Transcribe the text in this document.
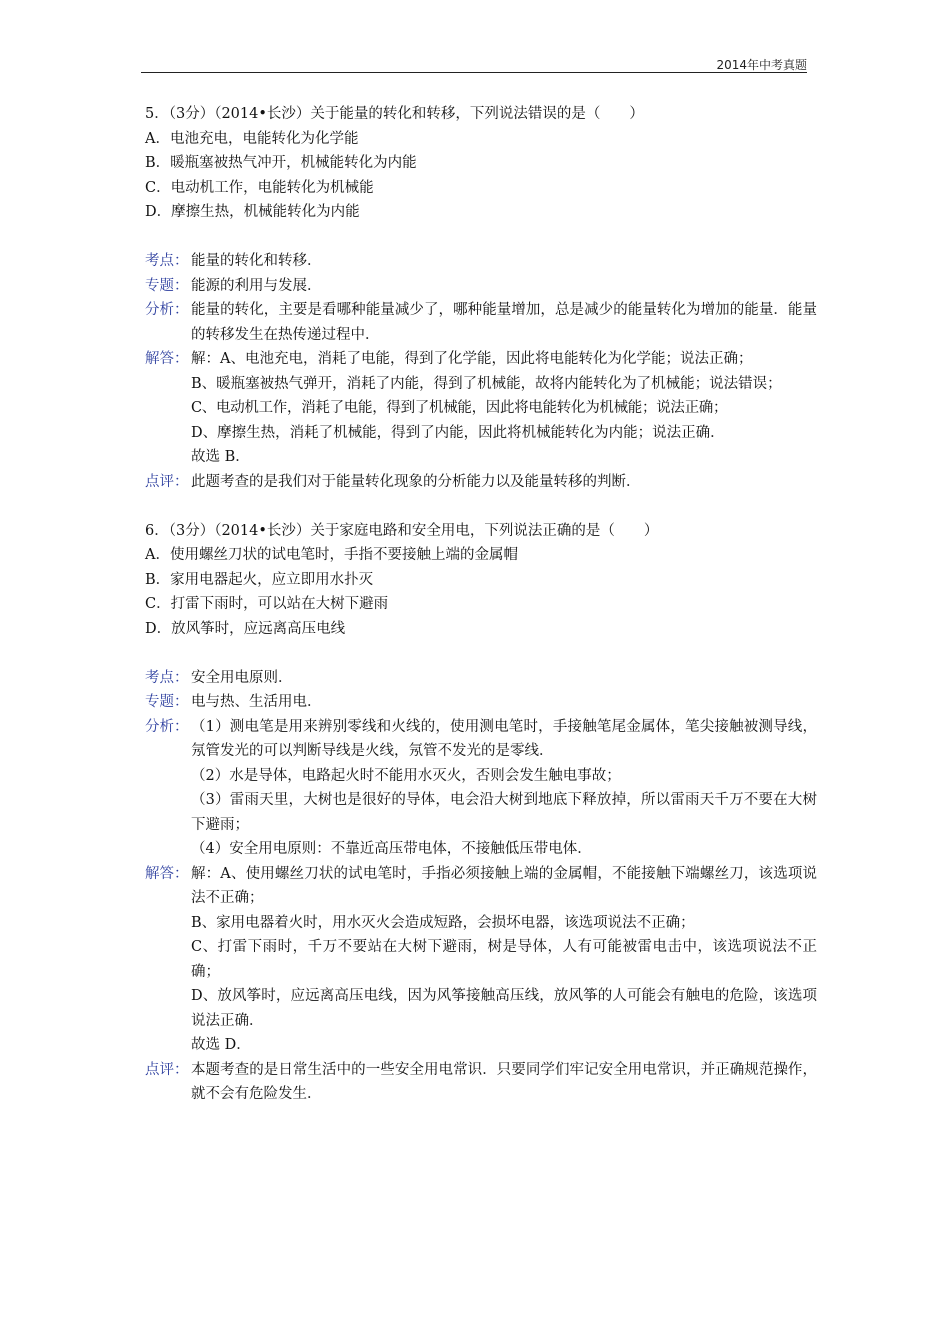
2014年中考真题
5．（3分）（2014•长沙）关于能量的转化和转移，下列说法错误的是（　　）
A．电池充电，电能转化为化学能
B．暖瓶塞被热气冲开，机械能转化为内能
C．电动机工作，电能转化为机械能
D．摩擦生热，机械能转化为内能
考点： 能量的转化和转移．

专题： 能源的利用与发展．

分析： 能量的转化，主要是看哪种能量减少了，哪种能量增加，总是减少的能量转化为增加的能量．能量的转移发生在热传递过程中．

解答： 解：A、电池充电，消耗了电能，得到了化学能，因此将电能转化为化学能；说法正确；

B、暖瓶塞被热气弹开，消耗了内能，得到了机械能，故将内能转化为了机械能；说法错误；

C、电动机工作，消耗了电能，得到了机械能，因此将电能转化为机械能；说法正确；

D、摩擦生热，消耗了机械能，得到了内能，因此将机械能转化为内能；说法正确．

故选 B．

点评： 此题考查的是我们对于能量转化现象的分析能力以及能量转移的判断．

6．（3分）（2014•长沙）关于家庭电路和安全用电，下列说法正确的是（　　）
A．使用螺丝刀状的试电笔时，手指不要接触上端的金属帽
B．家用电器起火，应立即用水扑灭
C．打雷下雨时，可以站在大树下避雨
D．放风筝时，应远离高压电线
考点： 安全用电原则．

专题： 电与热、生活用电．

分析： （1）测电笔是用来辨别零线和火线的，使用测电笔时，手接触笔尾金属体，笔尖接触被测导线，氖管发光的可以判断导线是火线，氖管不发光的是零线．

（2）水是导体，电路起火时不能用水灭火，否则会发生触电事故；

（3）雷雨天里，大树也是很好的导体，电会沿大树到地底下释放掉，所以雷雨天千万不要在大树下避雨；

（4）安全用电原则：不靠近高压带电体，不接触低压带电体．

解答： 解：A、使用螺丝刀状的试电笔时，手指必须接触上端的金属帽，不能接触下端螺丝刀，该选项说法不正确；

B、家用电器着火时，用水灭火会造成短路，会损坏电器，该选项说法不正确；

C、打雷下雨时，千万不要站在大树下避雨，树是导体，人有可能被雷电击中，该选项说法不正确；

D、放风筝时，应远离高压电线，因为风筝接触高压线，放风筝的人可能会有触电的危险，该选项说法正确．

故选 D．

点评： 本题考查的是日常生活中的一些安全用电常识．只要同学们牢记安全用电常识，并正确规范操作，就不会有危险发生．
